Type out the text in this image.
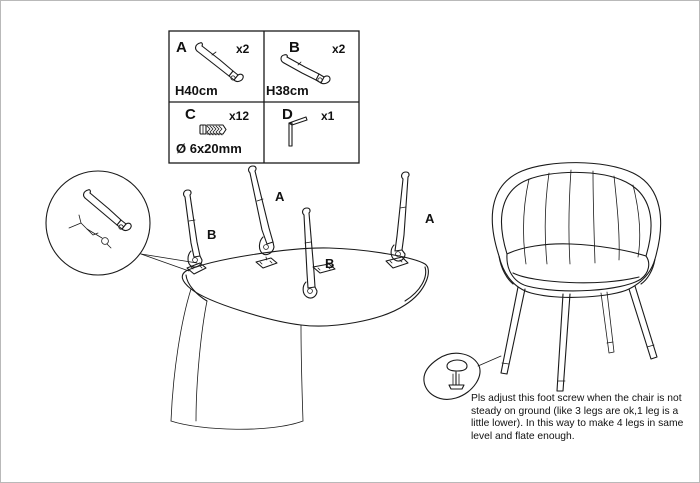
A	x2
H40cm
B	x2
H38cm
C	x12
Ø 6x20mm
D x1
A
B
B
A
Pls adjust this foot screw when the chair is not steady on ground (like 3 legs are ok,1 leg is a little lower). In this way to make 4 legs in same level and flate enough.
